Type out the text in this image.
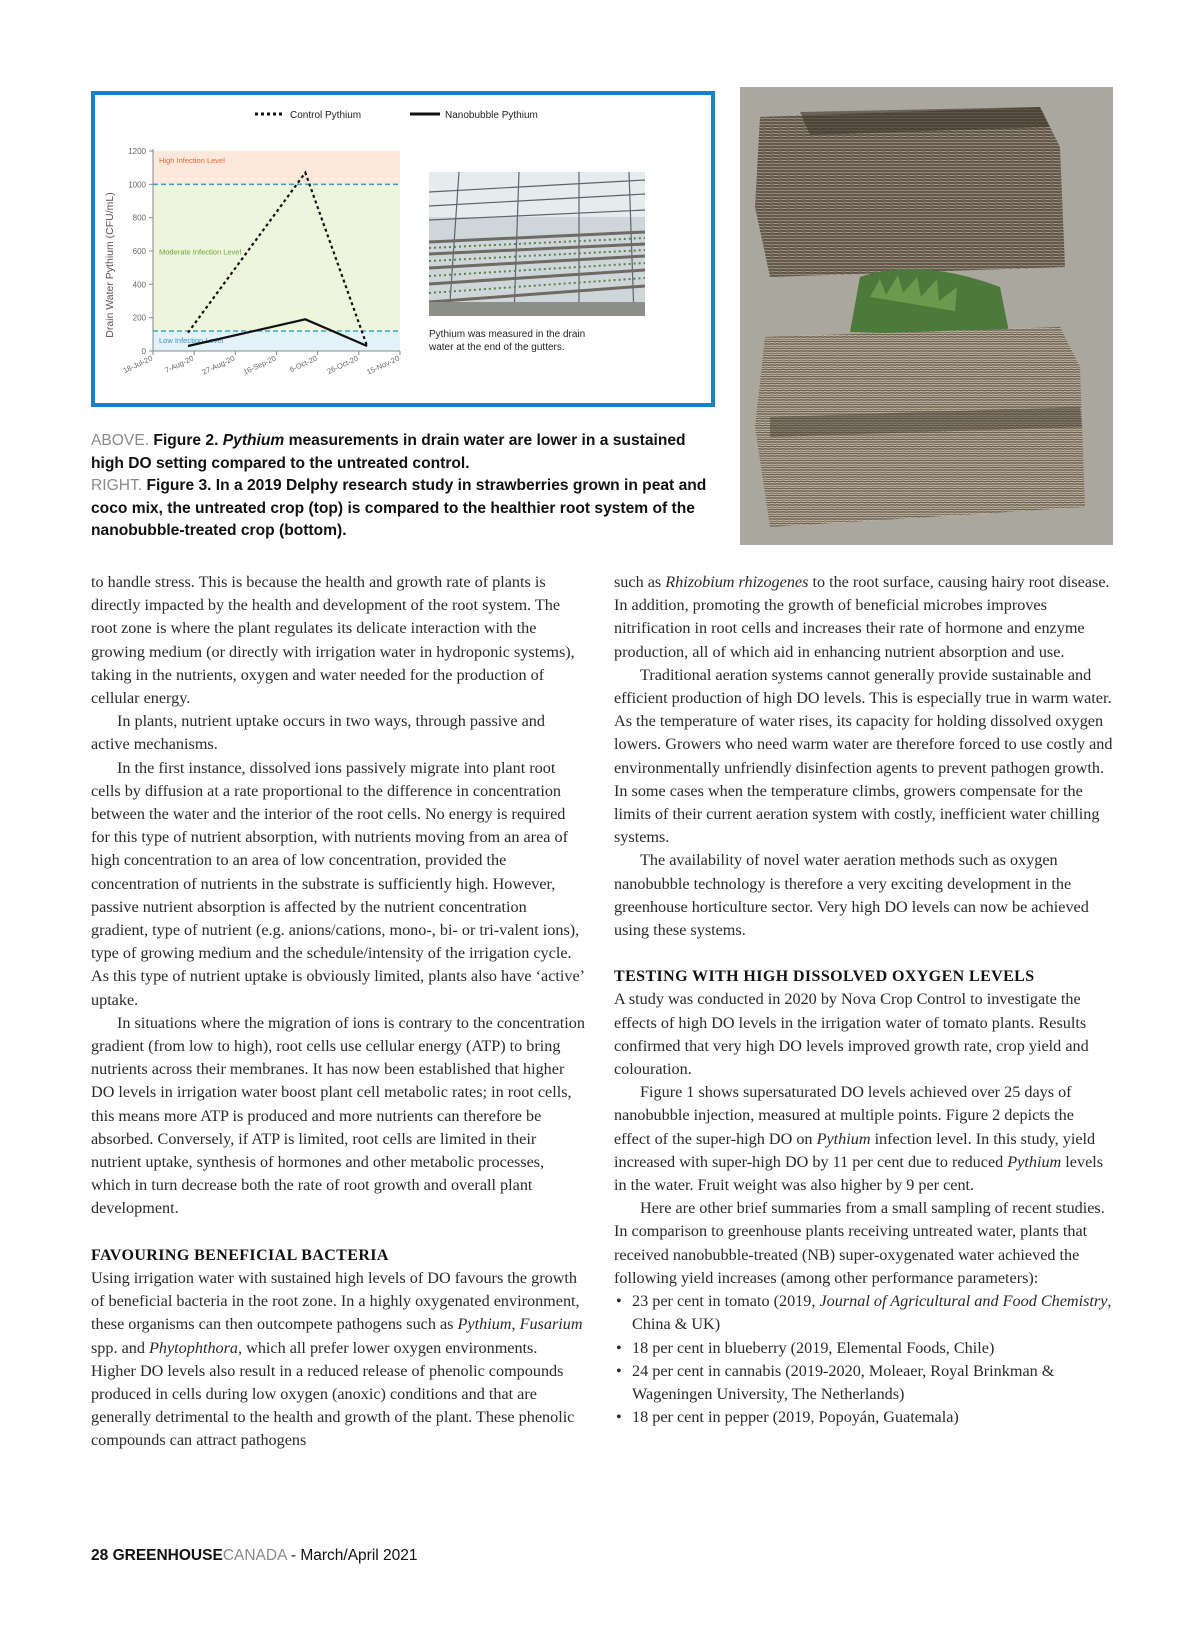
Control Pythium	Nanobubble Pythium
Drain Water Pythium (CFU/mL)
High Infection Level
Moderate Infection Level
Low Infection Level
0
200
400
600
800
1000
1200
18-Jul-20 7-Aug-20 27-Aug-20 16-Sep-20 6-Oct-20 26-Oct-20 15-Nov-20
Pythium was measured in the drain
water at the end of the gutters.

ABOVE. Figure 2. Pythium measurements in drain water are lower in a sustained high DO setting compared to the untreated control.

RIGHT. Figure 3. In a 2019 Delphy research study in strawberries grown in peat and coco mix, the untreated crop (top) is compared to the healthier root system of the nanobubble-treated crop (bottom).

to handle stress. This is because the health and growth rate of plants is directly impacted by the health and development of the root system. The root zone is where the plant regulates its delicate interaction with the growing medium (or directly with irrigation water in hydroponic systems), taking in the nutrients, oxygen and water needed for the production of cellular energy.

In plants, nutrient uptake occurs in two ways, through passive and active mechanisms.

In the first instance, dissolved ions passively migrate into plant root cells by diffusion at a rate proportional to the difference in concentration between the water and the interior of the root cells. No energy is required for this type of nutrient absorption, with nutrients moving from an area of high concentration to an area of low concentration, provided the concentration of nutrients in the substrate is sufficiently high. However, passive nutrient absorption is affected by the nutrient concentration gradient, type of nutrient (e.g. anions/cations, mono-, bi- or tri-valent ions), type of growing medium and the schedule/intensity of the irrigation cycle. As this type of nutrient uptake is obviously limited, plants also have ‘active’ uptake.

In situations where the migration of ions is contrary to the concentration gradient (from low to high), root cells use cellular energy (ATP) to bring nutrients across their membranes. It has now been established that higher DO levels in irrigation water boost plant cell metabolic rates; in root cells, this means more ATP is produced and more nutrients can therefore be absorbed. Conversely, if ATP is limited, root cells are limited in their nutrient uptake, synthesis of hormones and other metabolic processes, which in turn decrease both the rate of root growth and overall plant development.

FAVOURING BENEFICIAL BACTERIA

Using irrigation water with sustained high levels of DO favours the growth of beneficial bacteria in the root zone. In a highly oxygenated environment, these organisms can then outcompete pathogens such as Pythium, Fusarium spp. and Phytophthora, which all prefer lower oxygen environments. Higher DO levels also result in a reduced release of phenolic compounds produced in cells during low oxygen (anoxic) conditions and that are generally detrimental to the health and growth of the plant. These phenolic compounds can attract pathogens

such as Rhizobium rhizogenes to the root surface, causing hairy root disease. In addition, promoting the growth of beneficial microbes improves nitrification in root cells and increases their rate of hormone and enzyme production, all of which aid in enhancing nutrient absorption and use.

Traditional aeration systems cannot generally provide sustainable and efficient production of high DO levels. This is especially true in warm water. As the temperature of water rises, its capacity for holding dissolved oxygen lowers. Growers who need warm water are therefore forced to use costly and environmentally unfriendly disinfection agents to prevent pathogen growth. In some cases when the temperature climbs, growers compensate for the limits of their current aeration system with costly, inefficient water chilling systems.

The availability of novel water aeration methods such as oxygen nanobubble technology is therefore a very exciting development in the greenhouse horticulture sector. Very high DO levels can now be achieved using these systems.

TESTING WITH HIGH DISSOLVED OXYGEN LEVELS

A study was conducted in 2020 by Nova Crop Control to investigate the effects of high DO levels in the irrigation water of tomato plants. Results confirmed that very high DO levels improved growth rate, crop yield and colouration.

Figure 1 shows supersaturated DO levels achieved over 25 days of nanobubble injection, measured at multiple points. Figure 2 depicts the effect of the super-high DO on Pythium infection level. In this study, yield increased with super-high DO by 11 per cent due to reduced Pythium levels in the water. Fruit weight was also higher by 9 per cent.

Here are other brief summaries from a small sampling of recent studies. In comparison to greenhouse plants receiving untreated water, plants that received nanobubble-treated (NB) super-oxygenated water achieved the following yield increases (among other performance parameters):

• 23 per cent in tomato (2019, Journal of Agricultural and Food Chemistry, China & UK)
• 18 per cent in blueberry (2019, Elemental Foods, Chile)
• 24 per cent in cannabis (2019-2020, Moleaer, Royal Brinkman & Wageningen University, The Netherlands)
• 18 per cent in pepper (2019, Popoyán, Guatemala)
28 GREENHOUSECANADA - March/April 2021
